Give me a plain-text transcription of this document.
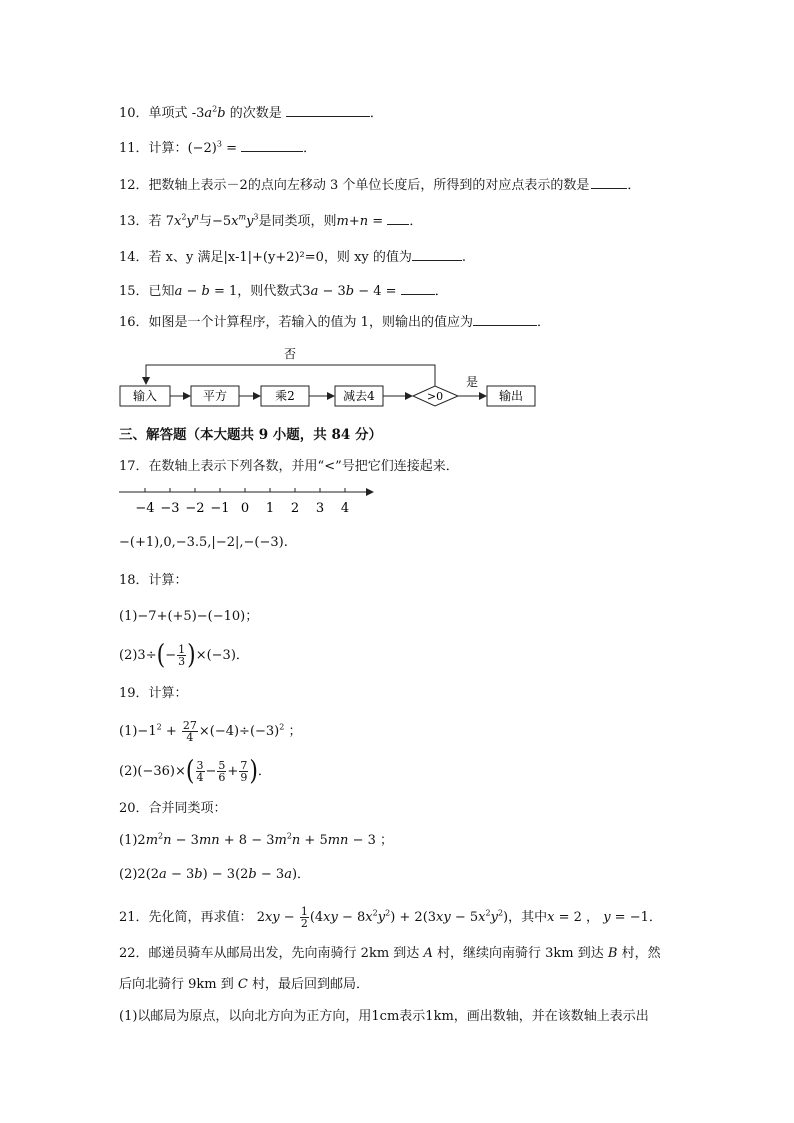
10．单项式 $-3a^2b$ 的次数是	．
11．计算：$(-2)^3$ =	．
12．把数轴上表示－2的点向左移动 3 个单位长度后，所得到的对应点表示的数是	．
13．若 $7x^2y^n$与$-5x^my^3$是同类项，则m+n = ．
14．若 x、y 满足|x-1|+(y+2)²=0，则 xy 的值为	.
15．已知a − b = 1，则代数式3a − 3b − 4 =	．
16．如图是一个计算程序，若输入的值为 1，则输出的值应为	．
否
输入	平方	乘2	减去4	>0
是
输出
三、解答题（本大题共 9 小题，共 84 分）
17．在数轴上表示下列各数，并用“<”号把它们连接起来．
−4 −3 −2 −1 0 1 2 3 4
−(+1),0,−3.5,|−2|,−(−3).
18．计算：
(1)−7+(+5)−(−10)；
$(2)3\div(- \frac{1}{3} )\times(-3)$．
19．计算：
$(1)-1^2 + \frac{27}{4} \times(-4)\div(-3)^2$ ；
$(2)(-36)\times( \frac{3}{4} - \frac{5}{6} + \frac{7}{9}$ )．
20．合并同类项：
$(1)2m^2n - 3mn + 8 - 3m^2n + 5mn - 3$ ；
(2)2(2a − 3b) − 3(2b − 3a)．
21．先化简，再求值： $2xy - \frac{1}{2} (4xy - 8x^2y^2) + 2(3xy - 5x^2y^2)$，其中x = 2 ， y = −1．
22．邮递员骑车从邮局出发，先向南骑行 2km 到达 A 村，继续向南骑行 3km 到达 B 村，然
后向北骑行 9km 到 C 村，最后回到邮局．
(1)以邮局为原点，以向北方向为正方向，用1cm表示1km，画出数轴，并在该数轴上表示出
